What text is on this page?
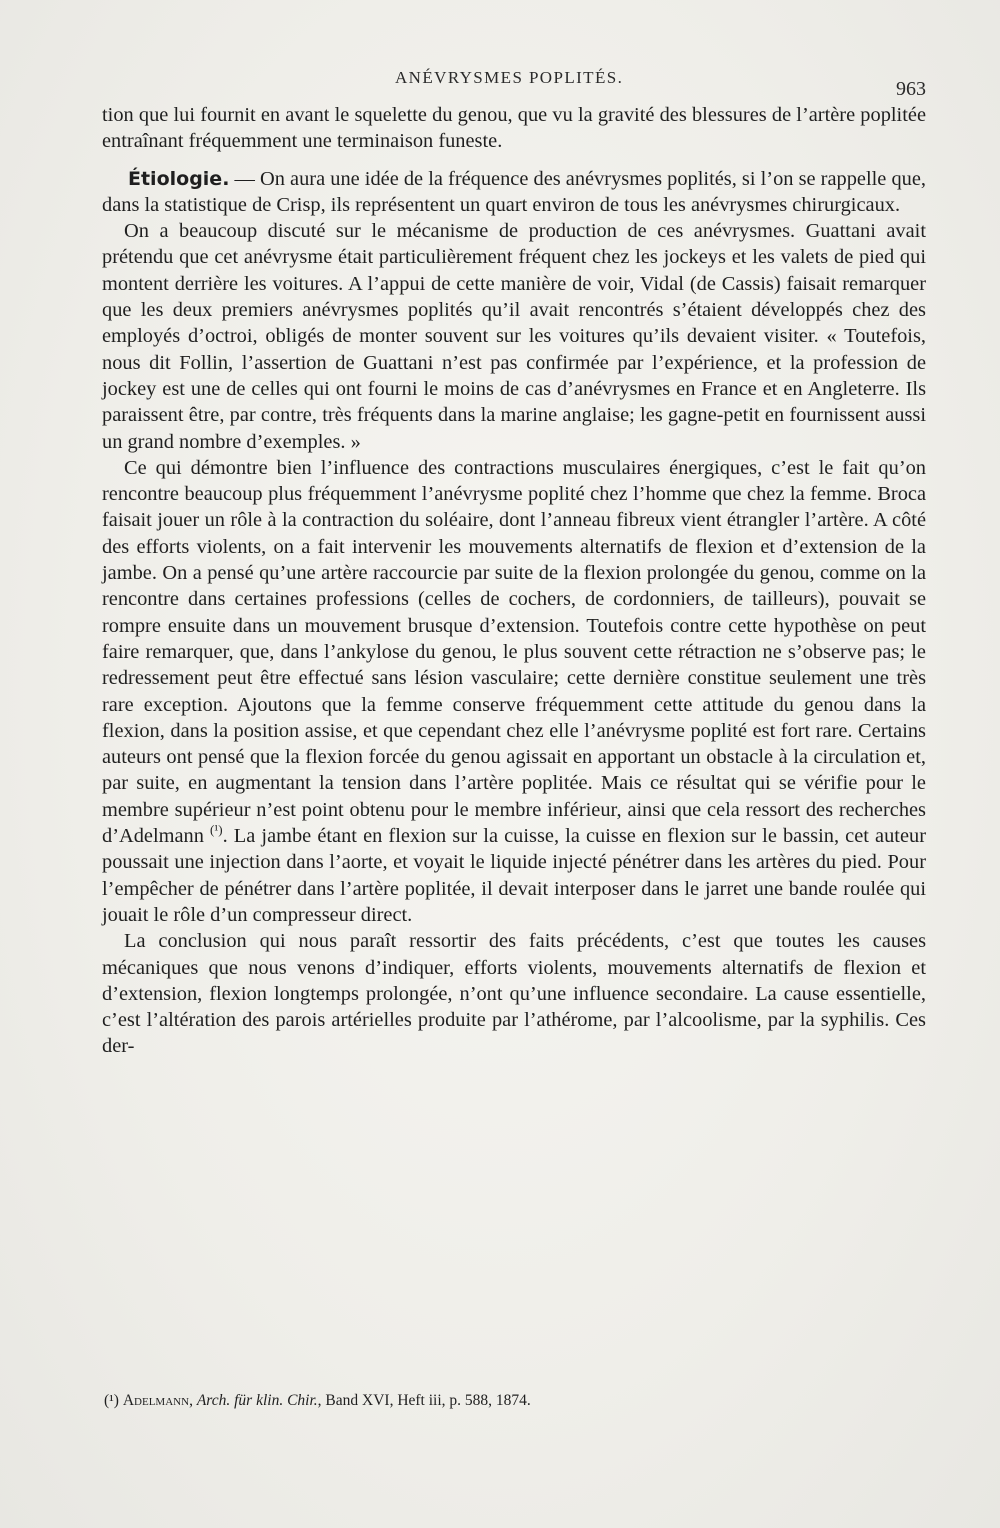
ANÉVRYSMES POPLITÉS.
963

tion que lui fournit en avant le squelette du genou, que vu la gravité des blessures de l’artère poplitée entraînant fréquemment une terminaison funeste.

Étiologie. — On aura une idée de la fréquence des anévrysmes poplités, si l’on se rappelle que, dans la statistique de Crisp, ils représentent un quart environ de tous les anévrysmes chirurgicaux.

On a beaucoup discuté sur le mécanisme de production de ces anévrysmes. Guattani avait prétendu que cet anévrysme était particulièrement fréquent chez les jockeys et les valets de pied qui montent derrière les voitures. A l’appui de cette manière de voir, Vidal (de Cassis) faisait remarquer que les deux premiers anévrysmes poplités qu’il avait rencontrés s’étaient développés chez des employés d’octroi, obligés de monter souvent sur les voitures qu’ils devaient visiter. « Toutefois, nous dit Follin, l’assertion de Guattani n’est pas confirmée par l’expérience, et la profession de jockey est une de celles qui ont fourni le moins de cas d’anévrysmes en France et en Angleterre. Ils paraissent être, par contre, très fréquents dans la marine anglaise; les gagne-petit en fournissent aussi un grand nombre d’exemples. »

Ce qui démontre bien l’influence des contractions musculaires énergiques, c’est le fait qu’on rencontre beaucoup plus fréquemment l’anévrysme poplité chez l’homme que chez la femme. Broca faisait jouer un rôle à la contraction du soléaire, dont l’anneau fibreux vient étrangler l’artère. A côté des efforts violents, on a fait intervenir les mouvements alternatifs de flexion et d’extension de la jambe. On a pensé qu’une artère raccourcie par suite de la flexion prolongée du genou, comme on la rencontre dans certaines professions (celles de cochers, de cordonniers, de tailleurs), pouvait se rompre ensuite dans un mouvement brusque d’extension. Toutefois contre cette hypothèse on peut faire remarquer, que, dans l’ankylose du genou, le plus souvent cette rétraction ne s’observe pas; le redressement peut être effectué sans lésion vasculaire; cette dernière constitue seulement une très rare exception. Ajoutons que la femme conserve fréquemment cette attitude du genou dans la flexion, dans la position assise, et que cependant chez elle l’anévrysme poplité est fort rare. Certains auteurs ont pensé que la flexion forcée du genou agissait en apportant un obstacle à la circulation et, par suite, en augmentant la tension dans l’artère poplitée. Mais ce résultat qui se vérifie pour le membre supérieur n’est point obtenu pour le membre inférieur, ainsi que cela ressort des recherches d’Adelmann $^{(^1)}$. La jambe étant en flexion sur la cuisse, la cuisse en flexion sur le bassin, cet auteur poussait une injection dans l’aorte, et voyait le liquide injecté pénétrer dans les artères du pied. Pour l’empêcher de pénétrer dans l’artère poplitée, il devait interposer dans le jarret une bande roulée qui jouait le rôle d’un compresseur direct.

La conclusion qui nous paraît ressortir des faits précédents, c’est que toutes les causes mécaniques que nous venons d’indiquer, efforts violents, mouvements alternatifs de flexion et d’extension, flexion longtemps prolongée, n’ont qu’une influence secondaire. La cause essentielle, c’est l’altération des parois artérielles produite par l’athérome, par l’alcoolisme, par la syphilis. Ces der-

(¹) Adelmann, Arch. für klin. Chir., Band XVI, Heft iii, p. 588, 1874.
